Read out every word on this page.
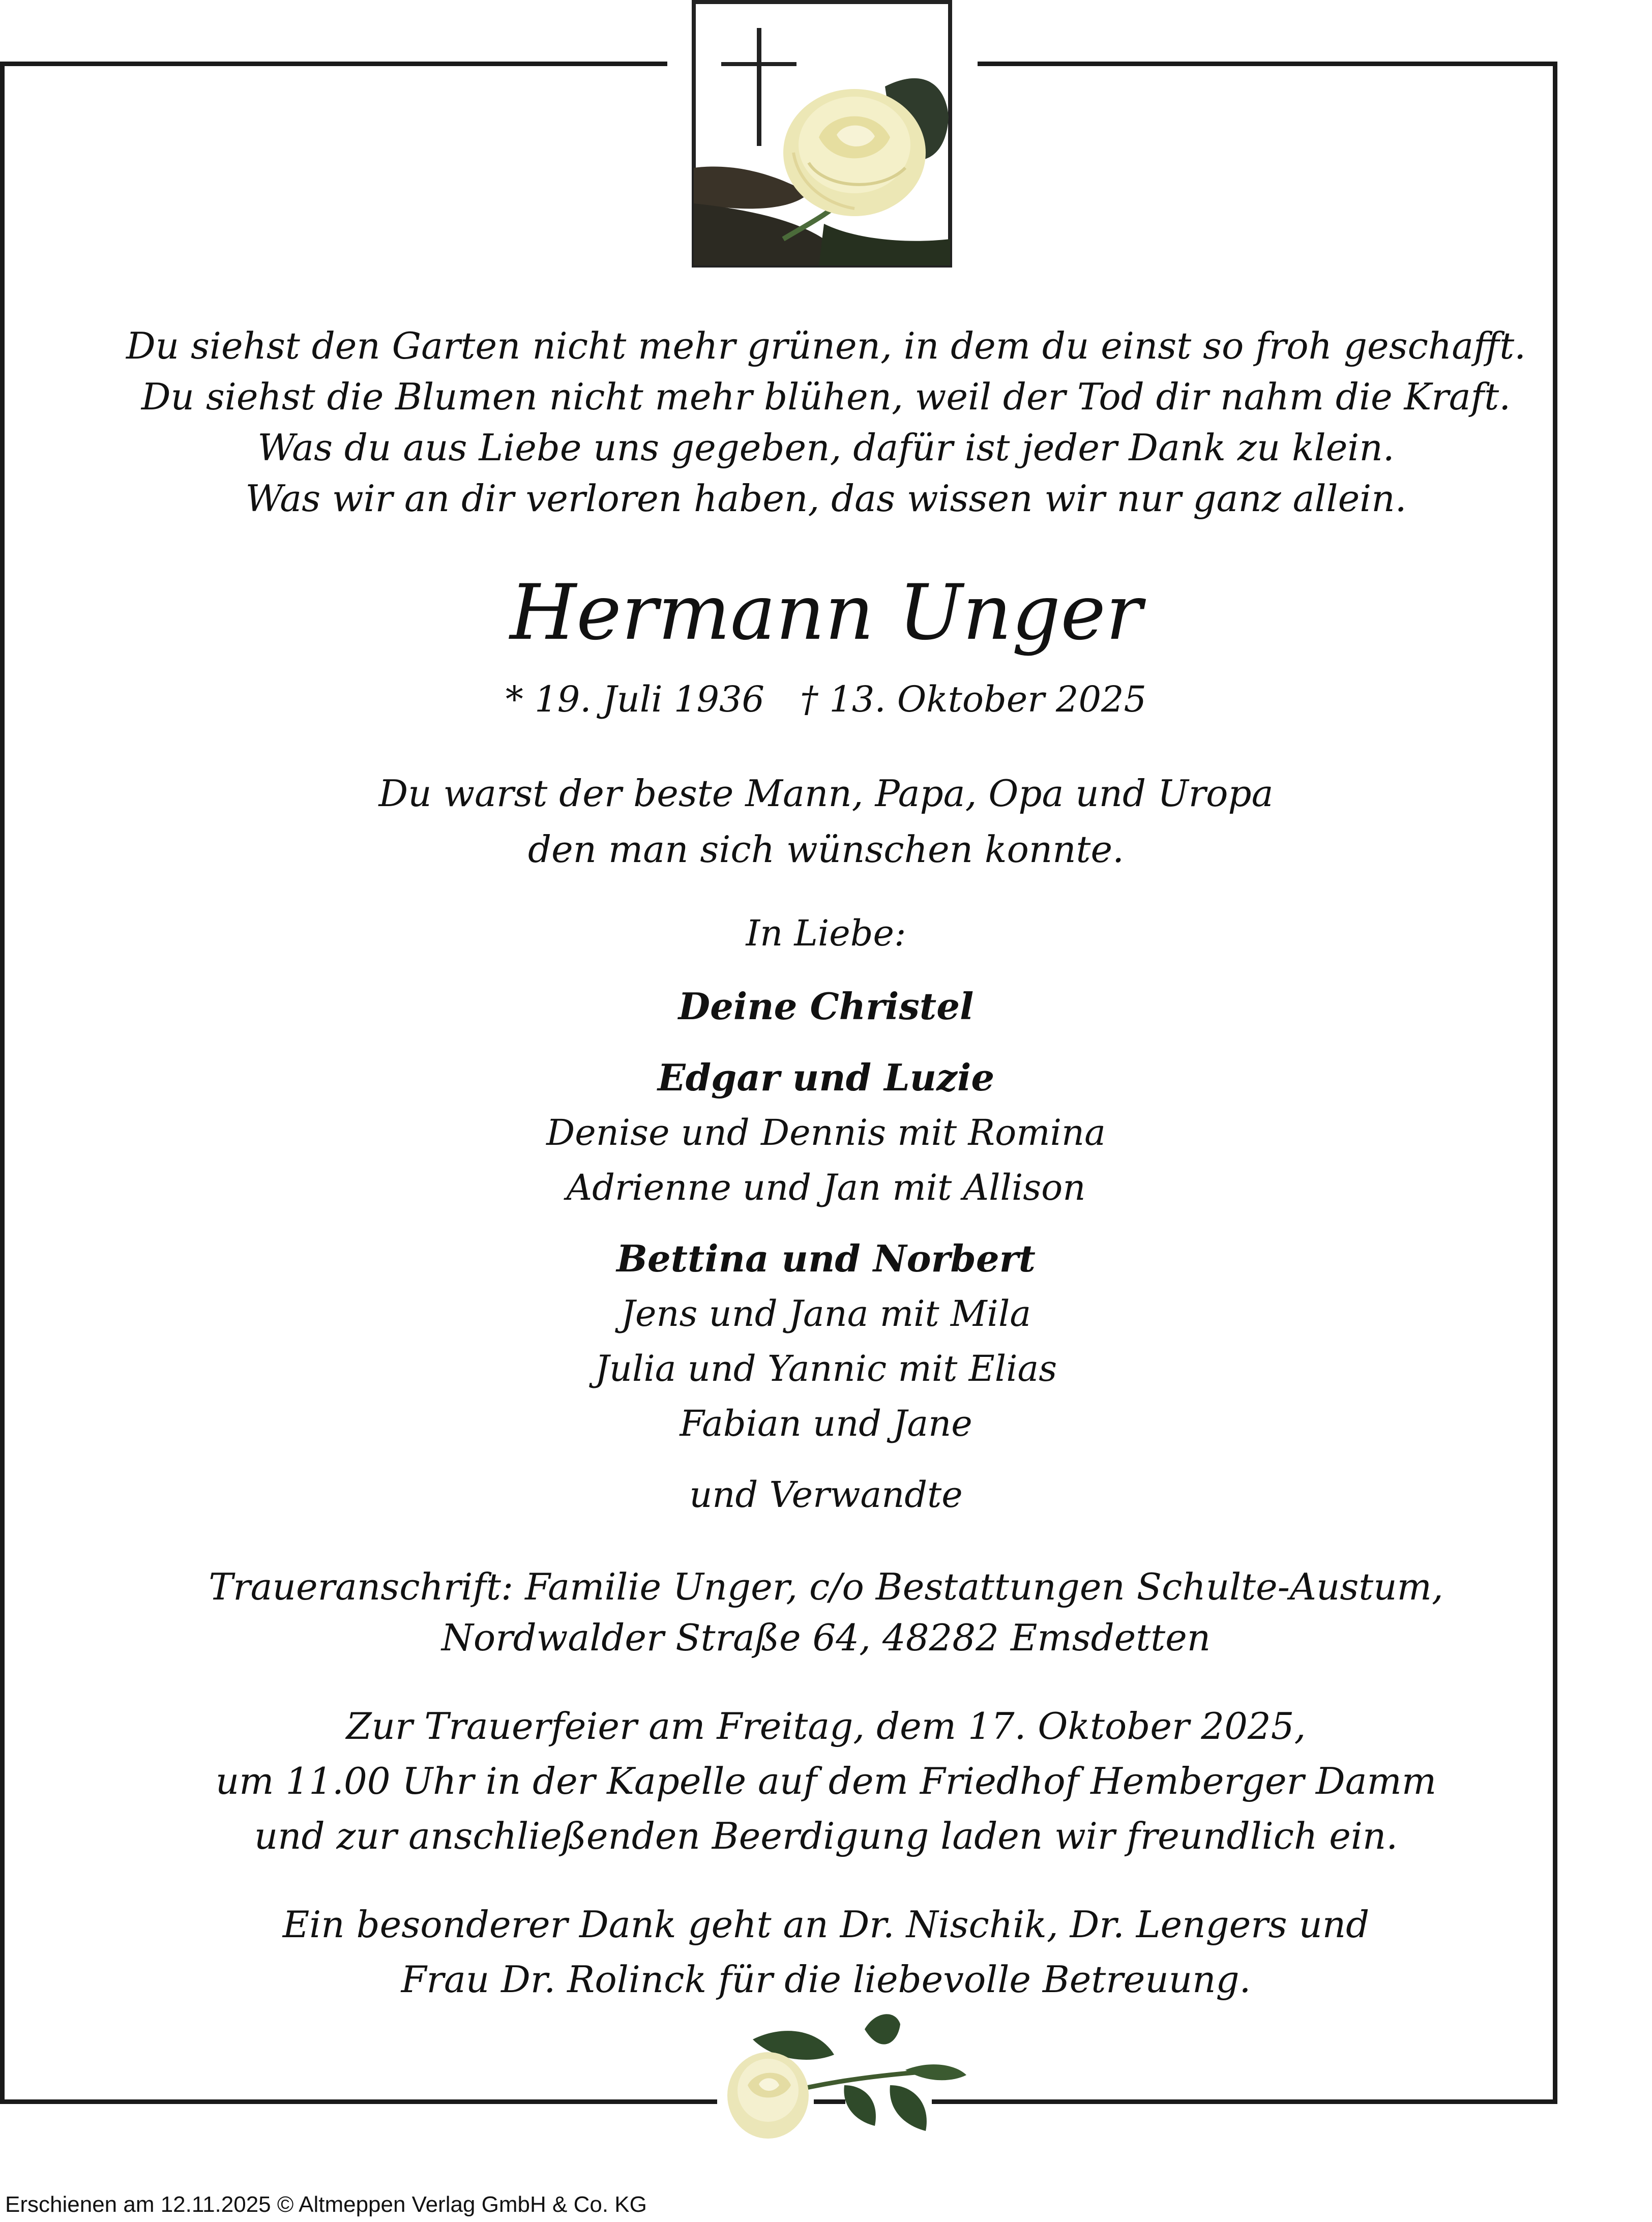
Du siehst den Garten nicht mehr grünen, in dem du einst so froh geschafft.
Du siehst die Blumen nicht mehr blühen, weil der Tod dir nahm die Kraft.
Was du aus Liebe uns gegeben, dafür ist jeder Dank zu klein.
Was wir an dir verloren haben, das wissen wir nur ganz allein.
Hermann Unger
* 19. Juli 1936 † 13. Oktober 2025
Du warst der beste Mann, Papa, Opa und Uropa
den man sich wünschen konnte.
In Liebe:
Deine Christel
Edgar und Luzie
Denise und Dennis mit Romina
Adrienne und Jan mit Allison
Bettina und Norbert
Jens und Jana mit Mila
Julia und Yannic mit Elias
Fabian und Jane
und Verwandte
Traueranschrift: Familie Unger, c/o Bestattungen Schulte-Austum,
Nordwalder Straße 64, 48282 Emsdetten
Zur Trauerfeier am Freitag, dem 17. Oktober 2025,
um 11.00 Uhr in der Kapelle auf dem Friedhof Hemberger Damm
und zur anschließenden Beerdigung laden wir freundlich ein.
Ein besonderer Dank geht an Dr. Nischik, Dr. Lengers und
Frau Dr. Rolinck für die liebevolle Betreuung.
Erschienen am 12.11.2025 © Altmeppen Verlag GmbH & Co. KG
